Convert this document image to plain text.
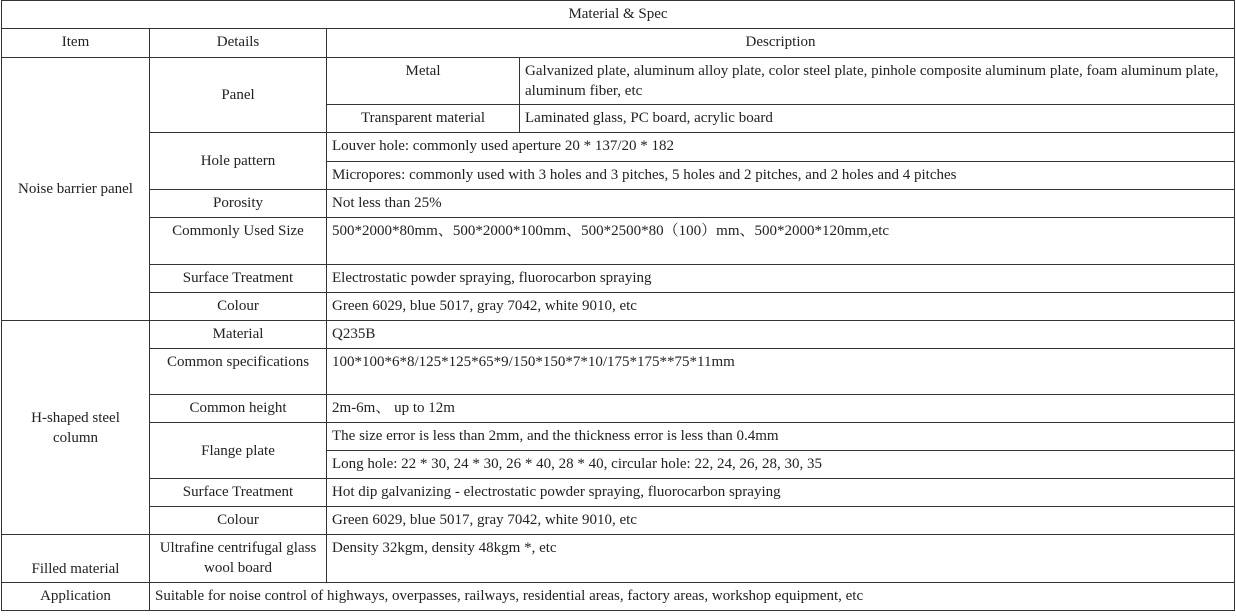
Material & Spec			
Item	Details	Description	
Noise barrier panel	Panel	Metal	Galvanized plate, aluminum alloy plate, color steel plate, pinhole composite aluminum plate, foam aluminum plate, aluminum fiber, etc
		Transparent material	Laminated glass, PC board, acrylic board
	Hole pattern	Louver hole: commonly used aperture 20 * 137/20 * 182	
		Micropores: commonly used with 3 holes and 3 pitches, 5 holes and 2 pitches, and 2 holes and 4 pitches	
	Porosity	Not less than 25%	
	Commonly Used Size	500*2000*80mm、500*2000*100mm、500*2500*80（100）mm、500*2000*120mm,etc	
	Surface Treatment	Electrostatic powder spraying, fluorocarbon spraying	
	Colour	Green 6029, blue 5017, gray 7042, white 9010, etc	
H-shaped steel column	Material	Q235B	
	Common specifications	100*100*6*8/125*125*65*9/150*150*7*10/175*175**75*11mm	
	Common height	2m-6m、 up to 12m	
	Flange plate	The size error is less than 2mm, and the thickness error is less than 0.4mm	
		Long hole: 22 * 30, 24 * 30, 26 * 40, 28 * 40, circular hole: 22, 24, 26, 28, 30, 35	
	Surface Treatment	Hot dip galvanizing - electrostatic powder spraying, fluorocarbon spraying	
	Colour	Green 6029, blue 5017, gray 7042, white 9010, etc	
Filled material	Ultrafine centrifugal glass wool board	Density 32kgm, density 48kgm *, etc	
Application	Suitable for noise control of highways, overpasses, railways, residential areas, factory areas, workshop equipment, etc		
